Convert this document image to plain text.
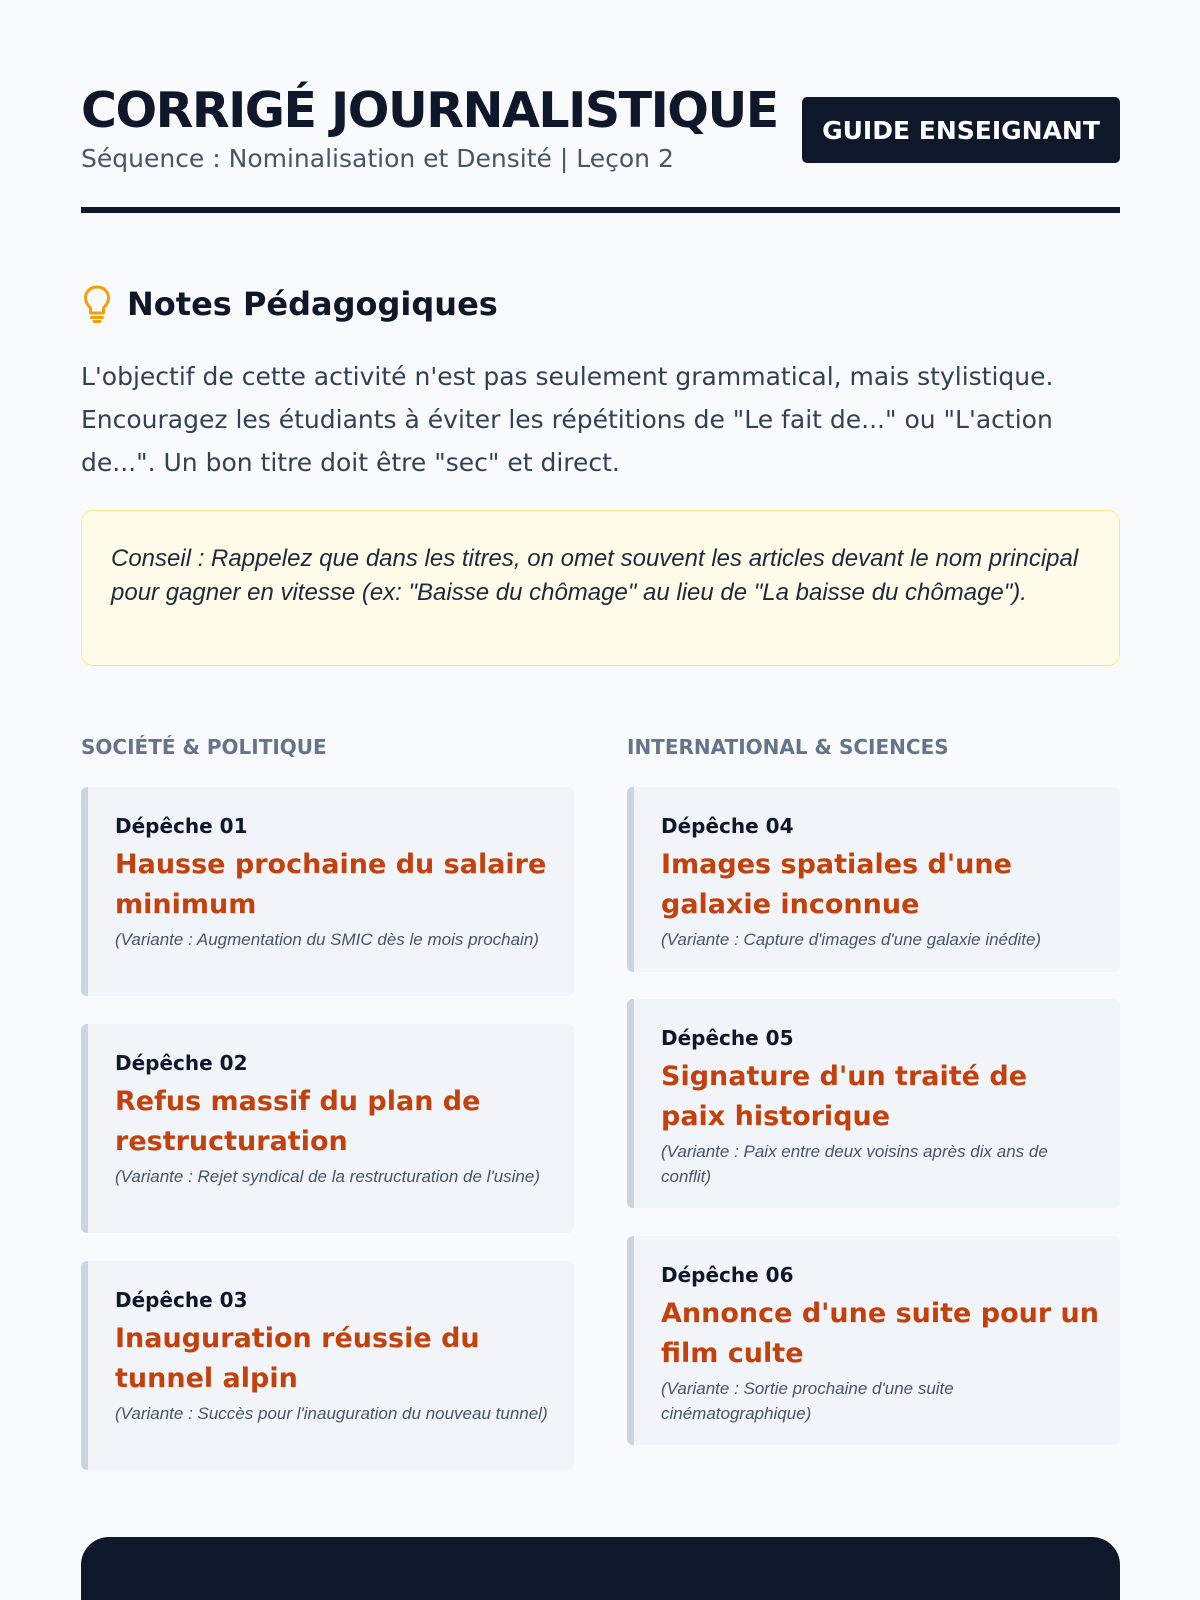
CORRIGÉ JOURNALISTIQUE
Séquence : Nominalisation et Densité | Leçon 2
GUIDE ENSEIGNANT
Notes Pédagogiques

L'objectif de cette activité n'est pas seulement grammatical, mais stylistique. Encouragez les étudiants à éviter les répétitions de "Le fait de..." ou "L'action de...". Un bon titre doit être "sec" et direct.

Conseil : Rappelez que dans les titres, on omet souvent les articles devant le nom principal pour gagner en vitesse (ex: "Baisse du chômage" au lieu de "La baisse du chômage").
SOCIÉTÉ & POLITIQUE	INTERNATIONAL & SCIENCES
Dépêche 01
Hausse prochaine du salaire minimum
(Variante : Augmentation du SMIC dès le mois prochain)
Dépêche 02
Refus massif du plan de restructuration
(Variante : Rejet syndical de la restructuration de l'usine)
Dépêche 03
Inauguration réussie du tunnel alpin
(Variante : Succès pour l'inauguration du nouveau tunnel)
Dépêche 04
Images spatiales d'une galaxie inconnue
(Variante : Capture d'images d'une galaxie inédite)
Dépêche 05
Signature d'un traité de paix historique
(Variante : Paix entre deux voisins après dix ans de conflit)
Dépêche 06
Annonce d'une suite pour un film culte
(Variante : Sortie prochaine d'une suite cinématographique)
